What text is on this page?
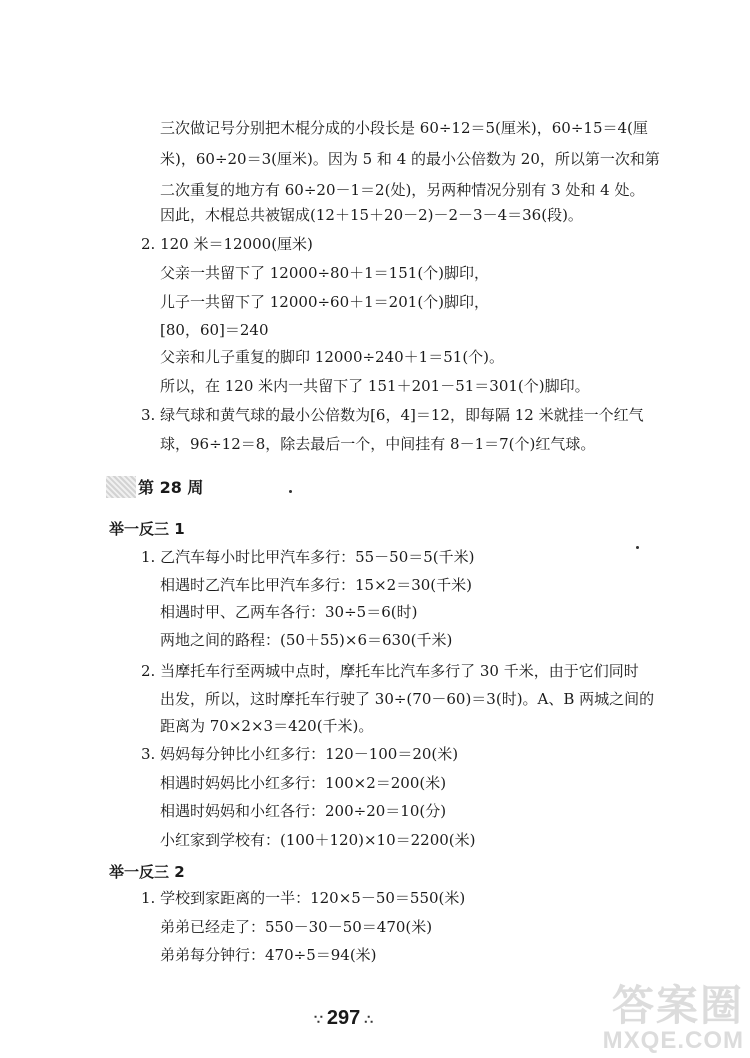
三次做记号分别把木棍分成的小段长是 60÷12＝5(厘米)，60÷15＝4(厘
米)，60÷20＝3(厘米)。因为 5 和 4 的最小公倍数为 20，所以第一次和第
二次重复的地方有 60÷20－1＝2(处)，另两种情况分别有 3 处和 4 处。
因此，木棍总共被锯成(12＋15＋20－2)－2－3－4＝36(段)。
2. 120 米＝12000(厘米)
父亲一共留下了 12000÷80＋1＝151(个)脚印，
儿子一共留下了 12000÷60＋1＝201(个)脚印，
[80，60]＝240
父亲和儿子重复的脚印 12000÷240＋1＝51(个)。
所以，在 120 米内一共留下了 151＋201－51＝301(个)脚印。
3. 绿气球和黄气球的最小公倍数为[6，4]＝12，即每隔 12 米就挂一个红气
球，96÷12＝8，除去最后一个，中间挂有 8－1＝7(个)红气球。
第 28 周
举一反三 1
1. 乙汽车每小时比甲汽车多行：55－50＝5(千米)
相遇时乙汽车比甲汽车多行：15×2＝30(千米)
相遇时甲、乙两车各行：30÷5＝6(时)
两地之间的路程：(50＋55)×6＝630(千米)
2. 当摩托车行至两城中点时，摩托车比汽车多行了 30 千米，由于它们同时
出发，所以，这时摩托车行驶了 30÷(70－60)＝3(时)。A、B 两城之间的
距离为 70×2×3＝420(千米)。
3. 妈妈每分钟比小红多行：120－100＝20(米)
相遇时妈妈比小红多行：100×2＝200(米)
相遇时妈妈和小红各行：200÷20＝10(分)
小红家到学校有：(100＋120)×10＝2200(米)
举一反三 2
1. 学校到家距离的一半：120×5－50＝550(米)
弟弟已经走了：550－30－50＝470(米)
弟弟每分钟行：470÷5＝94(米)
∵ 297 ∴	答案圈
MXQE.COM
